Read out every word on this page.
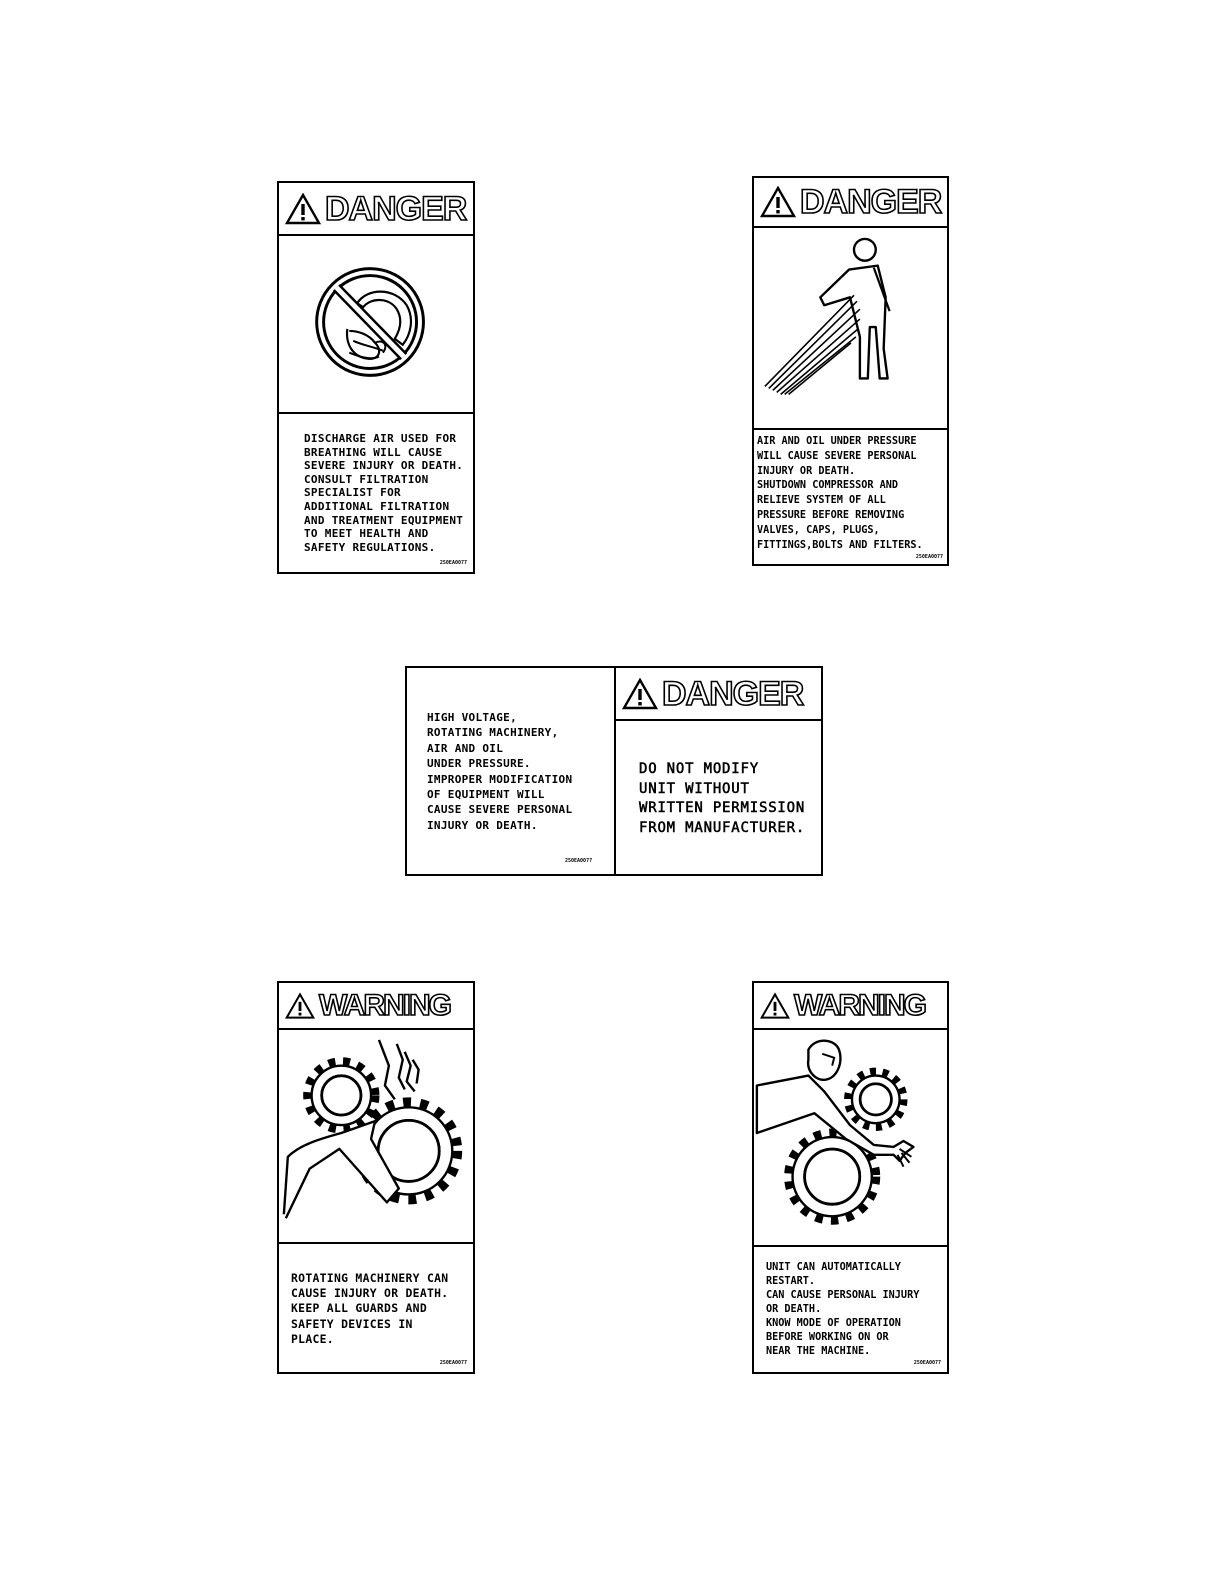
DANGER
DISCHARGE AIR USED FOR
BREATHING WILL CAUSE
SEVERE INJURY OR DEATH.
CONSULT FILTRATION
SPECIALIST FOR
ADDITIONAL FILTRATION
AND TREATMENT EQUIPMENT
TO MEET HEALTH AND
SAFETY REGULATIONS.
250EA0077
DANGER
AIR AND OIL UNDER PRESSURE
WILL CAUSE SEVERE PERSONAL
INJURY OR DEATH.
SHUTDOWN COMPRESSOR AND
RELIEVE SYSTEM OF ALL
PRESSURE BEFORE REMOVING
VALVES, CAPS, PLUGS,
FITTINGS,BOLTS AND FILTERS.
250EA0077
HIGH VOLTAGE,
ROTATING MACHINERY,
AIR AND OIL
UNDER PRESSURE.
IMPROPER MODIFICATION
OF EQUIPMENT WILL
CAUSE SEVERE PERSONAL
INJURY OR DEATH.
250EA0077
DANGER
DO NOT MODIFY
UNIT WITHOUT
WRITTEN PERMISSION
FROM MANUFACTURER.
WARNING
ROTATING MACHINERY CAN
CAUSE INJURY OR DEATH.
KEEP ALL GUARDS AND
SAFETY DEVICES IN
PLACE.
250EA0077
WARNING
UNIT CAN AUTOMATICALLY
RESTART.
CAN CAUSE PERSONAL INJURY
OR DEATH.
KNOW MODE OF OPERATION
BEFORE WORKING ON OR
NEAR THE MACHINE.
250EA0077
